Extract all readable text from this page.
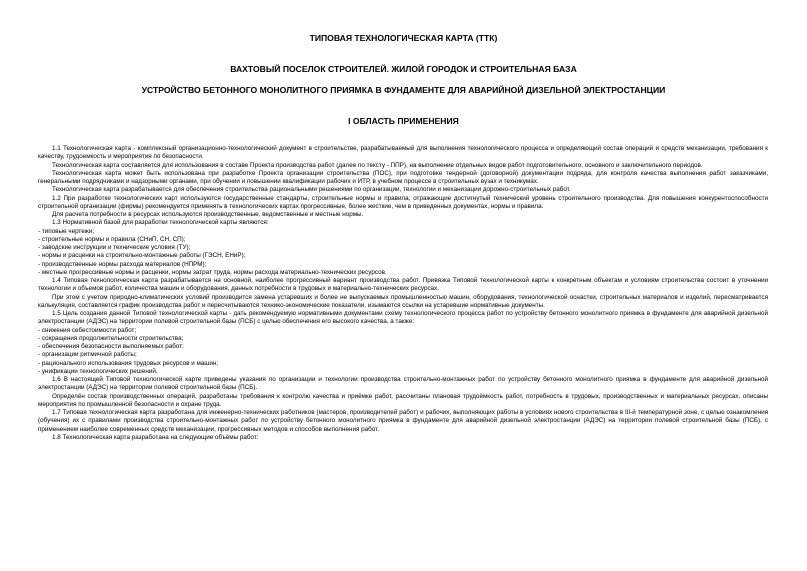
ТИПОВАЯ ТЕХНОЛОГИЧЕСКАЯ КАРТА (ТТК)
ВАХТОВЫЙ ПОСЕЛОК СТРОИТЕЛЕЙ. ЖИЛОЙ ГОРОДОК И СТРОИТЕЛЬНАЯ БАЗА
УСТРОЙСТВО БЕТОННОГО МОНОЛИТНОГО ПРИЯМКА В ФУНДАМЕНТЕ ДЛЯ АВАРИЙНОЙ ДИЗЕЛЬНОЙ ЭЛЕКТРОСТАНЦИИ
I ОБЛАСТЬ ПРИМЕНЕНИЯ

1.1 Технологическая карта - комплексный организационно-технологический документ в строительстве, разрабатываемый для выполнения технологического процесса и определяющий состав операций и средств механизации, требования к качеству, трудоемкость и мероприятия по безопасности.

Технологическая карта составляется для использования в составе Проекта производства работ (далее по тексту - ППР), на выполнение отдельных видов работ подготовительного, основного и заключительного периодов.

Технологическая карта может быть использована при разработке Проекта организации строительства (ПОС), при подготовке тендерной (договорной) документации подряда, для контроля качества выполнения работ заказчиками, генеральными подрядчиками и надзорными органами, при обучении и повышении квалификации рабочих и ИТР, в учебном процессе в строительных вузах и техникумах.

Технологическая карта разрабатывается для обеспечения строительства рациональными решениями по организации, технологии и механизации дорожно-строительных работ.

1.2 При разработке технологических карт используются государственные стандарты, строительные нормы и правила, отражающие достигнутый технический уровень строительного производства. Для повышения конкурентоспособности строительной организации (фирмы) рекомендуется применять в технологических картах прогрессивные, более жесткие, чем в приведенных документах, нормы и правила.

Для расчета потребности в ресурсах используются производственные, ведомственные и местные нормы.

1.3 Нормативной базой для разработки технологической карты являются:

- типовые чертежи;

- строительные нормы и правила (СНиП, СН, СП);

- заводские инструкции и технические условия (ТУ);

- нормы и расценки на строительно-монтажные работы (ГЭСН, ЕНиР);

- производственные нормы расхода материалов (НПРМ);

- местные прогрессивные нормы и расценки, нормы затрат труда, нормы расхода материально-технических ресурсов.

1.4 Типовая технологическая карта разрабатывается на основной, наиболее прогрессивный вариант производства работ. Привязка Типовой технологической карты к конкретным объектам и условиям строительства состоит в уточнении технологии и объемов работ, количества машин и оборудования, данных потребности в трудовых и материально-технических ресурсах.

При этом с учетом природно-климатических условий производится замена устаревших и более не выпускаемых промышленностью машин, оборудования, технологической оснастки, строительных материалов и изделий, пересматривается калькуляция, составляется график производства работ и пересчитываются технико-экономические показатели, изымаются ссылки на устаревшие нормативные документы.

1.5 Цель создания данной Типовой технологической карты - дать рекомендуемую нормативными документами схему технологического процесса работ по устройству бетонного монолитного приямка в фундаменте для аварийной дизельной электростанции (АДЭС) на территории полевой строительной базы (ПСБ) с целью обеспечения его высокого качества, а также:

- снижения себестоимости работ;

- сокращения продолжительности строительства;

- обеспечения безопасности выполняемых работ;

- организации ритмичной работы;

- рационального использования трудовых ресурсов и машин;

- унификации технологических решений.

1.6 В настоящей Типовой технологической карте приведены указания по организации и технологии производства строительно-монтажных работ по устройству бетонного монолитного приямка в фундаменте для аварийной дизельной электростанции (АДЭС) на территории полевой строительной базы (ПСБ).

Определён состав производственных операций, разработаны требования к контролю качества и приёмке работ, рассчитаны плановая трудоёмкость работ, потребность в трудовых, производственных и материальных ресурсах, описаны мероприятия по промышленной безопасности и охране труда.

1.7 Типовая технологическая карта разработана для инженерно-технических работников (мастеров, производителей работ) и рабочих, выполняющих работы в условиях нового строительства в III-й температурной зоне, с целью ознакомления (обучения) их с правилами производства строительно-монтажных работ по устройству бетонного монолитного приямка в фундаменте для аварийной дизельной электростанции (АДЭС) на территории полевой строительной базы (ПСБ), с применением наиболее современных средств механизации, прогрессивных методов и способов выполнения работ.

1.8 Технологическая карта разработана на следующие объёмы работ:
